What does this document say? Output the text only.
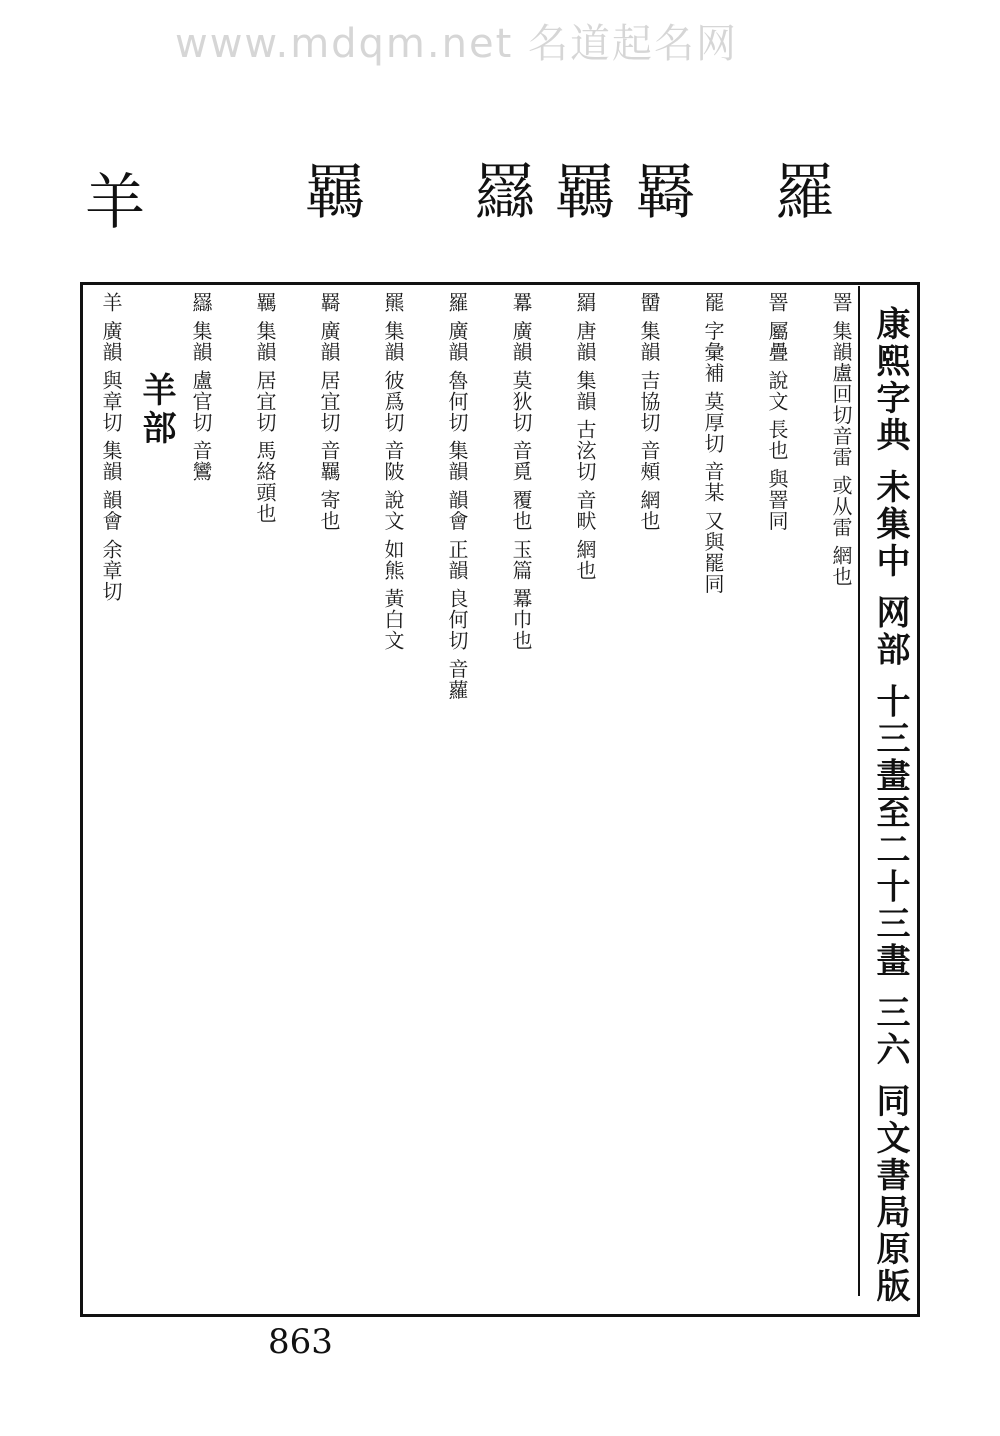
www.mdqm.net 名道起名网
羊	羈 羉 羈 羇 羅
康熙字典 未集中 网部 十三畫至二十三畫 三六 同文書局原版
罯 集韻盧回切音雷 或从雷 網也
罯 屬疊 說文 長也 與罯同
罷 字彙補 莫厚切 音某 又與罷同
羀 集韻 吉協切 音頰 網也
羂 唐韻 集韻 古泫切 音畎 網也
羃 廣韻 莫狄切 音覓 覆也 玉篇 羃巾也
羅 廣韻 魯何切 集韻 韻會 正韻 良何切 音蘿
羆 集韻 彼爲切 音陂 說文 如熊 黃白文
羇 廣韻 居宜切 音羈 寄也
羈 集韻 居宜切 馬絡頭也
羉 集韻 盧官切 音鸞
羊 廣韻 與章切 集韻 韻會 余章切 羊部
863
